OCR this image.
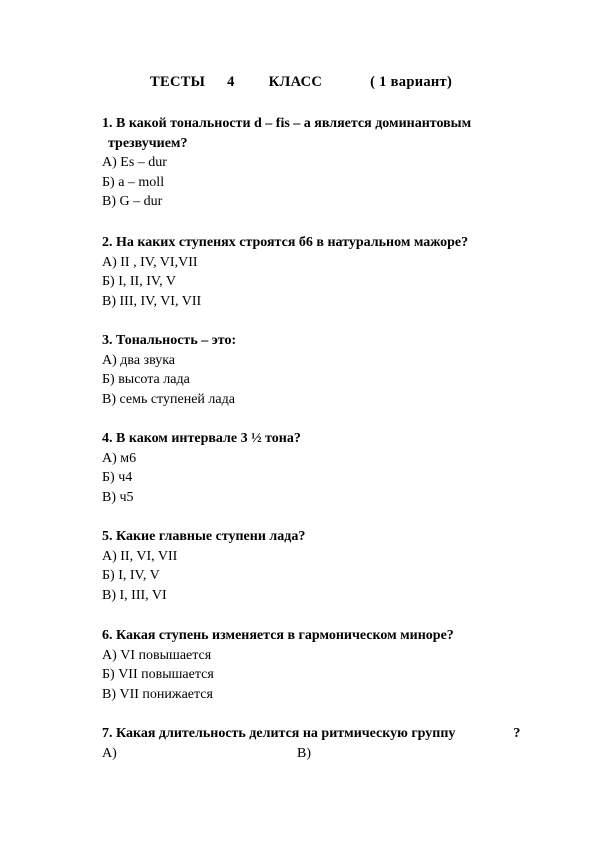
ТЕСТЫ 4 КЛАСС	( 1 вариант)
1. В какой тональности d – fis – a является доминантовым
трезвучием?
А) Es – dur
Б) a – moll
В) G – dur
2. На каких ступенях строятся б6 в натуральном мажоре?
А) II , IV, VI,VII
Б) I, II, IV, V
В) III, IV, VI, VII
3. Тональность – это:
А) два звука
Б) высота лада
В) семь ступеней лада
4. В каком интервале 3 ½ тона?
А) м6
Б) ч4
В) ч5
5. Какие главные ступени лада?
А) II, VI, VII
Б) I, IV, V
В) I, III, VI
6. Какая ступень изменяется в гармоническом миноре?
А) VI повышается
Б) VII повышается
В) VII понижается
7. Какая длительность делится на ритмическую группу	?
А)	В)
